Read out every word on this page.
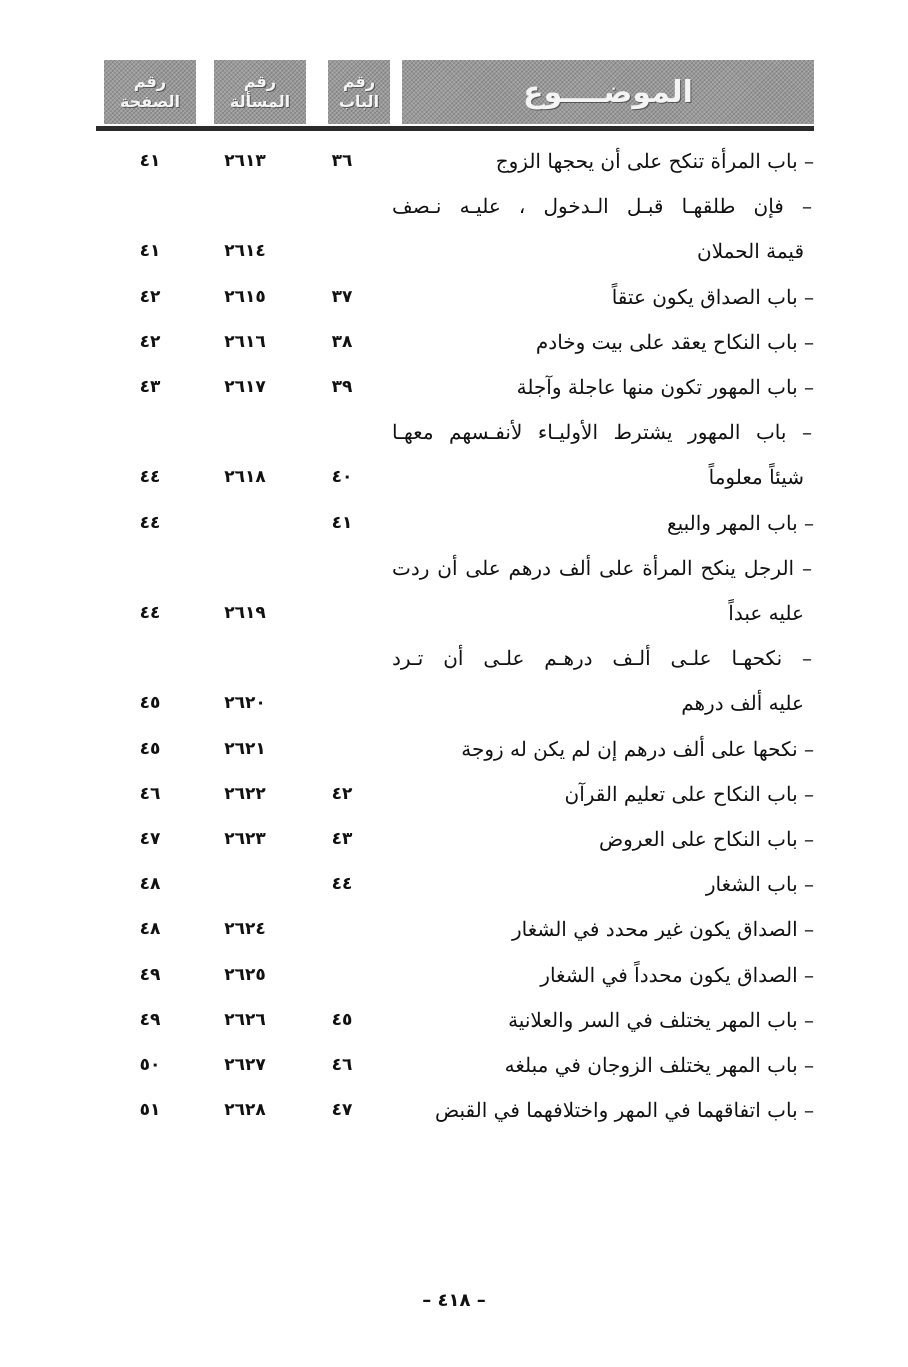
رقم
الصفحة
رقم
المسألة
رقم
الباب	الموضــــوع
– باب المرأة تنكح على أن يحجها الزوج
٣٦
٢٦١٣
٤١
– فإن طلقهـا قبـل الـدخول ، عليـه نـصف
قيمة الحملان
٢٦١٤
٤١
– باب الصداق يكون عتقاً
٣٧
٢٦١٥
٤٢
– باب النكاح يعقد على بيت وخادم
٣٨
٢٦١٦
٤٢
– باب المهور تكون منها عاجلة وآجلة
٣٩
٢٦١٧
٤٣
– باب المهور يشترط الأوليـاء لأنفـسهم معهـا
شيئاً معلوماً
٤٠
٢٦١٨
٤٤
– باب المهر والبيع
٤١
٤٤
– الرجل ينكح المرأة على ألف درهم على أن ردت
عليه عبداً
٢٦١٩
٤٤
– نكحهـا علـى ألـف درهـم علـى أن تـرد
عليه ألف درهم
٢٦٢٠
٤٥
– نكحها على ألف درهم إن لم يكن له زوجة
٢٦٢١
٤٥
– باب النكاح على تعليم القرآن
٤٢
٢٦٢٢
٤٦
– باب النكاح على العروض
٤٣
٢٦٢٣
٤٧
– باب الشغار
٤٤
٤٨
– الصداق يكون غير محدد في الشغار
٢٦٢٤
٤٨
– الصداق يكون محدداً في الشغار
٢٦٢٥
٤٩
– باب المهر يختلف في السر والعلانية
٤٥
٢٦٢٦
٤٩
– باب المهر يختلف الزوجان في مبلغه
٤٦
٢٦٢٧
٥٠
– باب اتفاقهما في المهر واختلافهما في القبض
٤٧
٢٦٢٨
٥١
– ٤١٨ –
